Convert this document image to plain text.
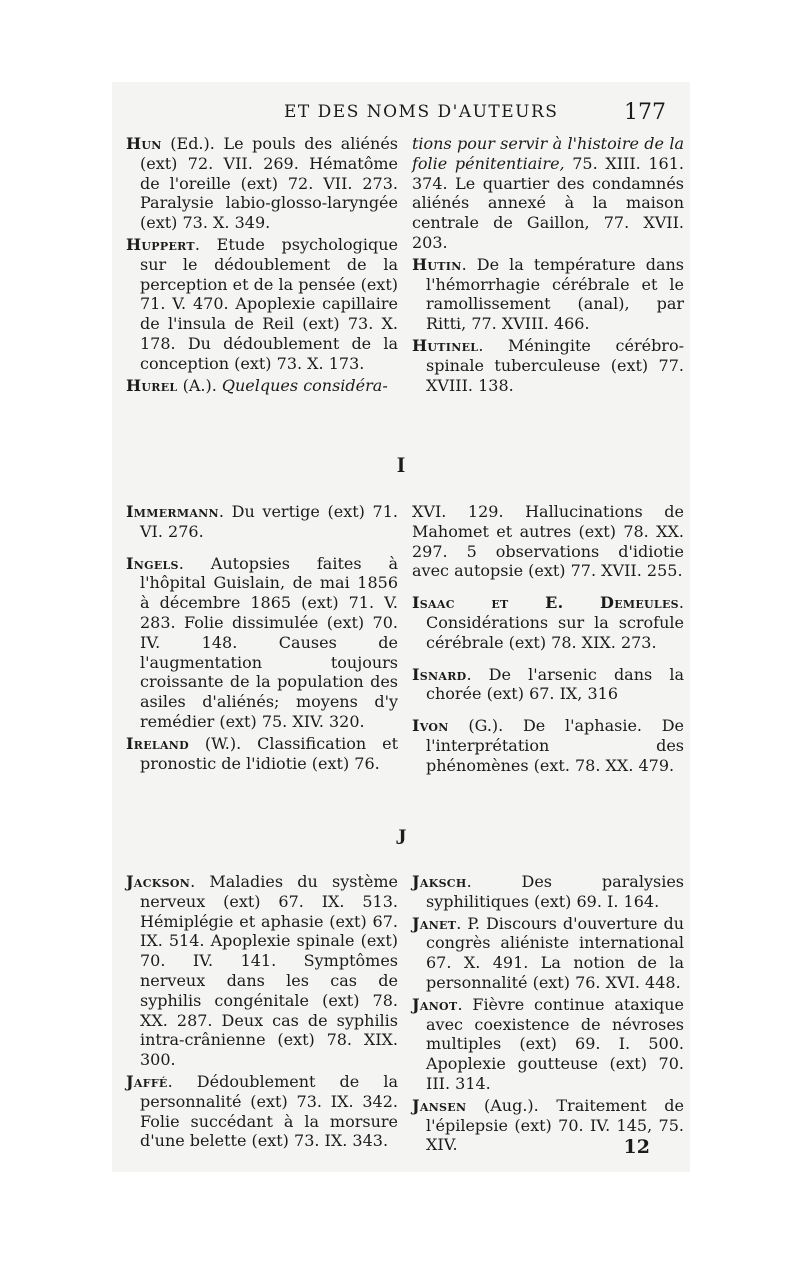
ET DES NOMS D'AUTEURS	177

Hun (Ed.). Le pouls des aliénés (ext) 72. VII. 269. Hématôme de l'oreille (ext) 72. VII. 273. Paralysie labio-glosso-laryngée (ext) 73. X. 349.

Huppert. Etude psychologique sur le dédoublement de la perception et de la pensée (ext) 71. V. 470. Apoplexie capillaire de l'insula de Reil (ext) 73. X. 178. Du dédoublement de la conception (ext) 73. X. 173.

Hurel (A.). Quelques considéra-

tions pour servir à l'histoire de la folie pénitentiaire, 75. XIII. 161. 374. Le quartier des condamnés aliénés annexé à la maison centrale de Gaillon, 77. XVII. 203.

Hutin. De la température dans l'hémorrhagie cérébrale et le ramollissement (anal), par Ritti, 77. XVIII. 466.

Hutinel. Méningite cérébro-spinale tuberculeuse (ext) 77. XVIII. 138.

I

Immermann. Du vertige (ext) 71. VI. 276.

Ingels. Autopsies faites à l'hôpital Guislain, de mai 1856 à décembre 1865 (ext) 71. V. 283. Folie dissimulée (ext) 70. IV. 148. Causes de l'augmentation toujours croissante de la population des asiles d'aliénés; moyens d'y remédier (ext) 75. XIV. 320.

Ireland (W.). Classification et pronostic de l'idiotie (ext) 76.

XVI. 129. Hallucinations de Mahomet et autres (ext) 78. XX. 297. 5 observations d'idiotie avec autopsie (ext) 77. XVII. 255.

Isaac et E. Demeules. Considérations sur la scrofule cérébrale (ext) 78. XIX. 273.

Isnard. De l'arsenic dans la chorée (ext) 67. IX, 316

Ivon (G.). De l'aphasie. De l'interprétation des phénomènes (ext. 78. XX. 479.

J

Jackson. Maladies du système nerveux (ext) 67. IX. 513. Hémiplégie et aphasie (ext) 67. IX. 514. Apoplexie spinale (ext) 70. IV. 141. Symptômes nerveux dans les cas de syphilis congénitale (ext) 78. XX. 287. Deux cas de syphilis intra-crânienne (ext) 78. XIX. 300.

Jaffé. Dédoublement de la personnalité (ext) 73. IX. 342. Folie succédant à la morsure d'une belette (ext) 73. IX. 343.

Jaksch. Des paralysies syphilitiques (ext) 69. I. 164.

Janet. P. Discours d'ouverture du congrès aliéniste international 67. X. 491. La notion de la personnalité (ext) 76. XVI. 448.

Janot. Fièvre continue ataxique avec coexistence de névroses multiples (ext) 69. I. 500. Apoplexie goutteuse (ext) 70. III. 314.

Jansen (Aug.). Traitement de l'épilepsie (ext) 70. IV. 145, 75. XIV.	12
